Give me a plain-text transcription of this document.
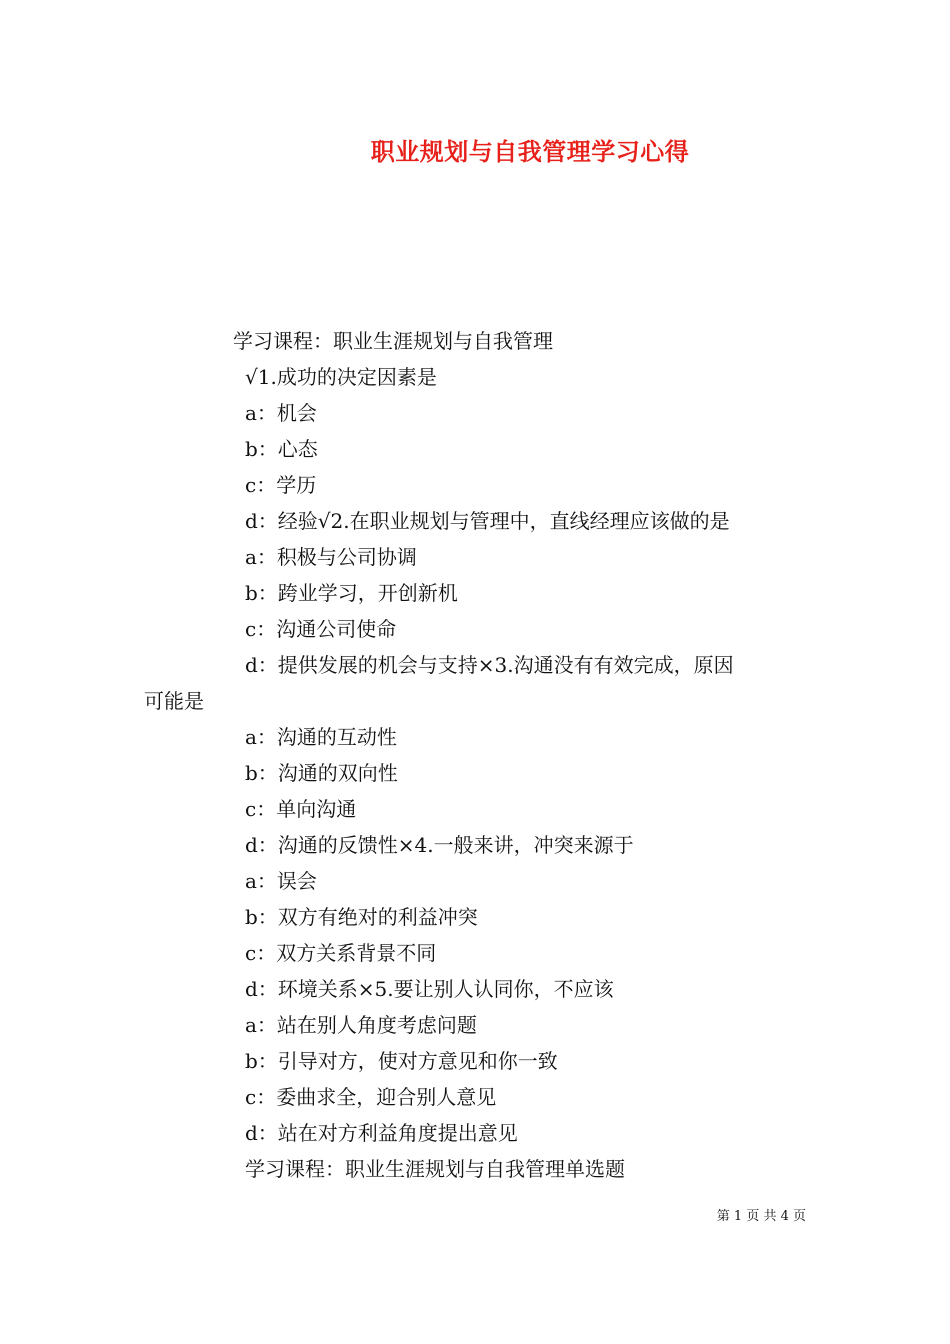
职业规划与自我管理学习心得
学习课程：职业生涯规划与自我管理
√1.成功的决定因素是
a：机会
b：心态
c：学历
d：经验√2.在职业规划与管理中，直线经理应该做的是
a：积极与公司协调
b：跨业学习，开创新机
c：沟通公司使命
d：提供发展的机会与支持×3.沟通没有有效完成，原因
可能是
a：沟通的互动性
b：沟通的双向性
c：单向沟通
d：沟通的反馈性×4.一般来讲，冲突来源于
a：误会
b：双方有绝对的利益冲突
c：双方关系背景不同
d：环境关系×5.要让别人认同你，不应该
a：站在别人角度考虑问题
b：引导对方，使对方意见和你一致
c：委曲求全，迎合别人意见
d：站在对方利益角度提出意见
学习课程：职业生涯规划与自我管理单选题
第 1 页 共 4 页
